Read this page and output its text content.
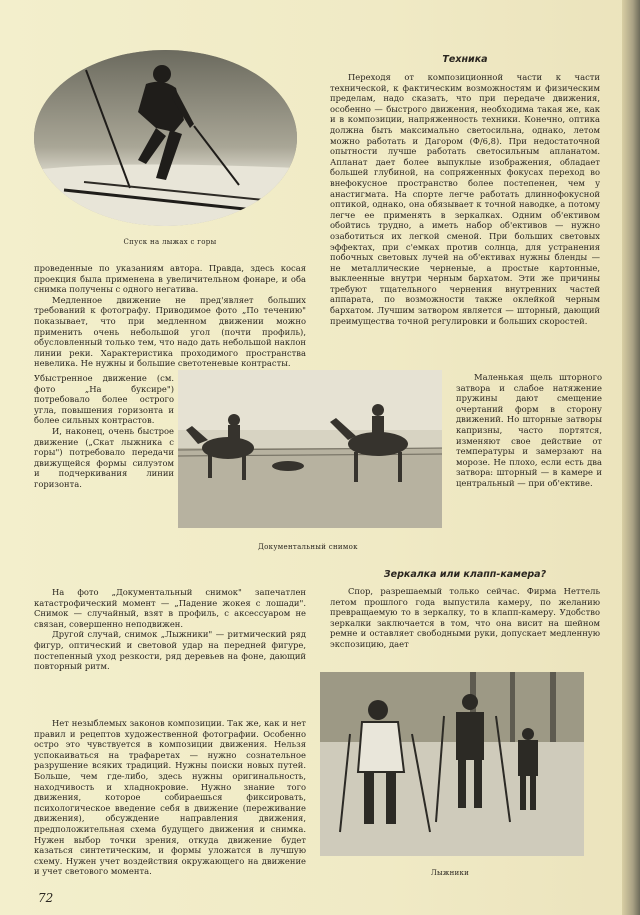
Спуск на лыжах с горы

проведенные по указаниям автора. Правда, здесь косая проекция была применена в увеличительном фонаре, и оба снимка получены с одного негатива.

Медленное движение не пред'являет больших требований к фотографу. Приводимое фото „По течению" показывает, что при медленном движении можно применить очень небольшой угол (почти профиль), обусловленный только тем, что надо дать небольшой наклон линии реки. Характеристика проходимого пространства невелика. Не нужны и большие светотеневые контрасты.

Убыстренное движение (см. фото „На буксире") потребовало более острого угла, повышения горизонта и более сильных контрастов.

И, наконец, очень быстрое движение („Скат лыжника с горы") потребовало передачи движущейся формы силуэтом и подчеркивания линии горизонта.

Документальный снимок

На фото „Документальный снимок" запечатлен катастрофический момент — „Падение жокея с лошади". Снимок — случайный, взят в профиль, с аксессуаром не связан, совершенно неподвижен.

Другой случай, снимок „Лыжники" — ритмический ряд фигур, оптический и световой удар на передней фигуре, постепенный уход резкости, ряд деревьев на фоне, дающий повторный ритм.

Нет незыблемых законов композиции. Так же, как и нет правил и рецептов художественной фотографии. Особенно остро это чувствуется в композиции движения. Нельзя успокаиваться на трафаретах — нужно сознательное разрушение всяких традиций. Нужны поиски новых путей. Больше, чем где-либо, здесь нужны оригинальность, находчивость и хладнокровие. Нужно знание того движения, которое собираешься фиксировать, психологическое введение себя в движение (переживание движения), обсуждение направления движения, предположительная схема будущего движения и снимка. Нужен выбор точки зрения, откуда движение будет казаться синтетическим, и формы уложатся в лучшую схему. Нужен учет воздействия окружающего на движение и учет светового момента.

Техника

Переходя от композиционной части к части технической, к фактическим возможностям и физическим пределам, надо сказать, что при передаче движения, особенно — быстрого движения, необходима такая же, как и в композиции, напряженность техники. Конечно, оптика должна быть максимально светосильна, однако, летом можно работать и Дагором (Ф/6,8). При недостаточной опытности лучше работать светосильным апланатом. Апланат дает более выпуклые изображения, обладает большей глубиной, на сопряженных фокусах переход во внефокусное пространство более постепенен, чем у анастигмата. На спорте легче работать длиннофокусной оптикой, однако, она обязывает к точной наводке, а потому легче ее применять в зеркалках. Одним об'ективом обойтись трудно, а иметь набор об'ективов — нужно озаботиться их легкой сменой. При больших световых эффектах, при с'емках против солнца, для устранения побочных световых лучей на об'ективах нужны бленды — не металлические черненые, а простые картонные, выклеенные внутри черным бархатом. Эти же причины требуют тщательного чернения внутренних частей аппарата, по возможности также оклейкой черным бархатом. Лучшим затвором является — шторный, дающий преимущества точной регулировки и больших скоростей.

Маленькая щель шторного затвора и слабое натяжение пружины дают смещение очертаний форм в сторону движений. Но шторные затворы капризны, часто портятся, изменяют свое действие от температуры и замерзают на морозе. Не плохо, если есть два затвора: шторный — в камере и центральный — при об'ективе.

Зеркалка или клапп-камера?

Спор, разрешаемый только сейчас. Фирма Неттель летом прошлого года выпустила камеру, по желанию превращаемую то в зеркалку, то в клапп-камеру. Удобство зеркалки заключается в том, что она висит на шейном ремне и оставляет свободными руки, допускает медленную экспозицию, дает

Лыжники
72
